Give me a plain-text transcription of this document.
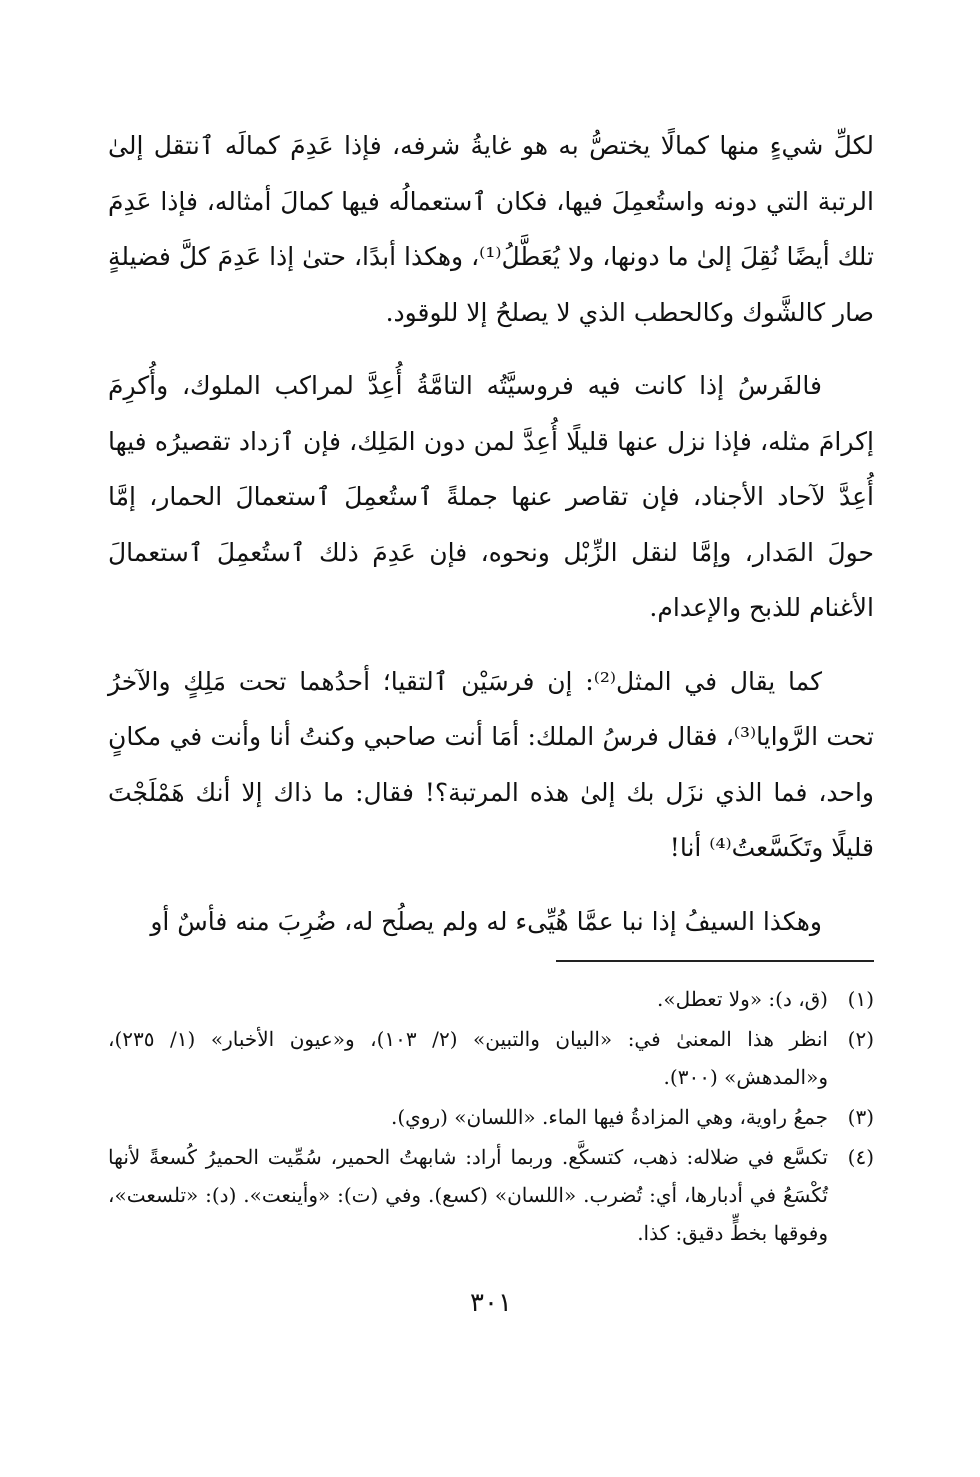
لكلِّ شيءٍ منها كمالًا يختصُّ به هو غايةُ شرفه، فإذا عَدِمَ كمالَه ٱنتقل إلىٰ الرتبة التي دونه واستُعمِلَ فيها، فكان ٱستعمالُه فيها كمالَ أمثاله، فإذا عَدِمَ تلك أيضًا نُقِلَ إلىٰ ما دونها، ولا يُعَطَّلُ⁽¹⁾، وهكذا أبدًا، حتىٰ إذا عَدِمَ كلَّ فضيلةٍ صار كالشَّوك وكالحطب الذي لا يصلحُ إلا للوقود.

فالفَرسُ إذا كانت فيه فروسيَّتُه التامَّةُ أُعِدَّ لمراكب الملوك، وأُكرِمَ إكرامَ مثله، فإذا نزل عنها قليلًا أُعِدَّ لمن دون المَلِك، فإن ٱزداد تقصيرُه فيها أُعِدَّ لآحاد الأجناد، فإن تقاصر عنها جملةً ٱستُعمِلَ ٱستعمالَ الحمار، إمَّا حولَ المَدار، وإمَّا لنقل الزِّبْل ونحوه، فإن عَدِمَ ذلك ٱستُعمِلَ ٱستعمالَ الأغنام للذبح والإعدام.

كما يقال في المثل⁽²⁾: إن فرسَيْن ٱلتقيا؛ أحدُهما تحت مَلِكٍ والآخرُ تحت الرَّوايا⁽³⁾، فقال فرسُ الملك: أمَا أنت صاحبي وكنتُ أنا وأنت في مكانٍ واحد، فما الذي نزَل بك إلىٰ هذه المرتبة؟! فقال: ما ذاك إلا أنك هَمْلَجْتَ قليلًا وتَكَسَّعتُ⁽⁴⁾ أنا!

وهكذا السيفُ إذا نبا عمَّا هُيِّىء له ولم يصلُح له، ضُرِبَ منه فأسٌ أو

(١)
(ق، د): «ولا تعطل».
(٢)
انظر هذا المعنىٰ في: «البيان والتبين» (٢/ ١٠٣)، و«عيون الأخبار» (١/ ٢٣٥)، و«المدهش» (٣٠٠).
(٣)
جمعُ راوية، وهي المزادةُ فيها الماء. «اللسان» (روي).
(٤)
تكسَّع في ضلاله: ذهب، كتسكَّع. وربما أراد: شابهتُ الحمير، سُمِّيت الحميرُ كُسعةً لأنها تُكْسَعُ في أدبارها، أي: تُضرب. «اللسان» (كسع). وفي (ت): «وأينعت». (د): «تلسعت»، وفوقها بخطٍّ دقيق: كذا.
٣٠١
